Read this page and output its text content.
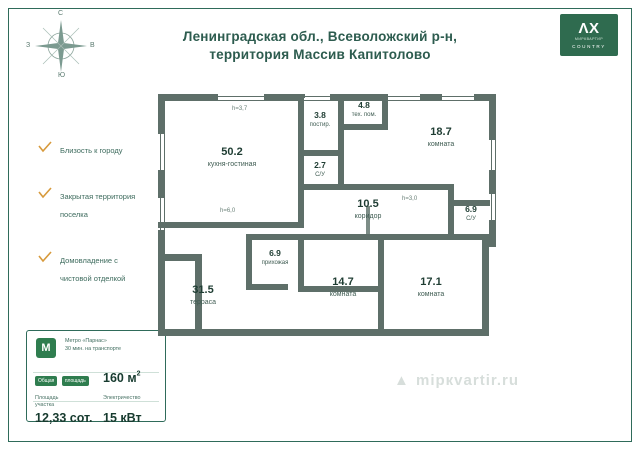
Ленинградская обл., Всеволожский р-н,
территория Массив Капитолово
ΛX
МИРКВАРТИР
COUNTRY
С
Ю
З	В
Близость к городу
Закрытая территория поселка
Домовладение с чистовой отделкой
M
Метро «Парнас»
30 мин. на транспорте
Общая площадь	160 $м^2$
Площадь
участка
Электричество
12,33 сот. 15 кВт
50.2
кухня-гостиная
3.8
постир.
4.8
тех. пом.
18.7
комната
2.7
С/У
10.5
коридор
6.9
С/У
6.9
прихожая
14.7
комната
17.1
комната
31.5
терраса
h=3,7
h=6,0
h=3,0
▲ miркvartir.ru
